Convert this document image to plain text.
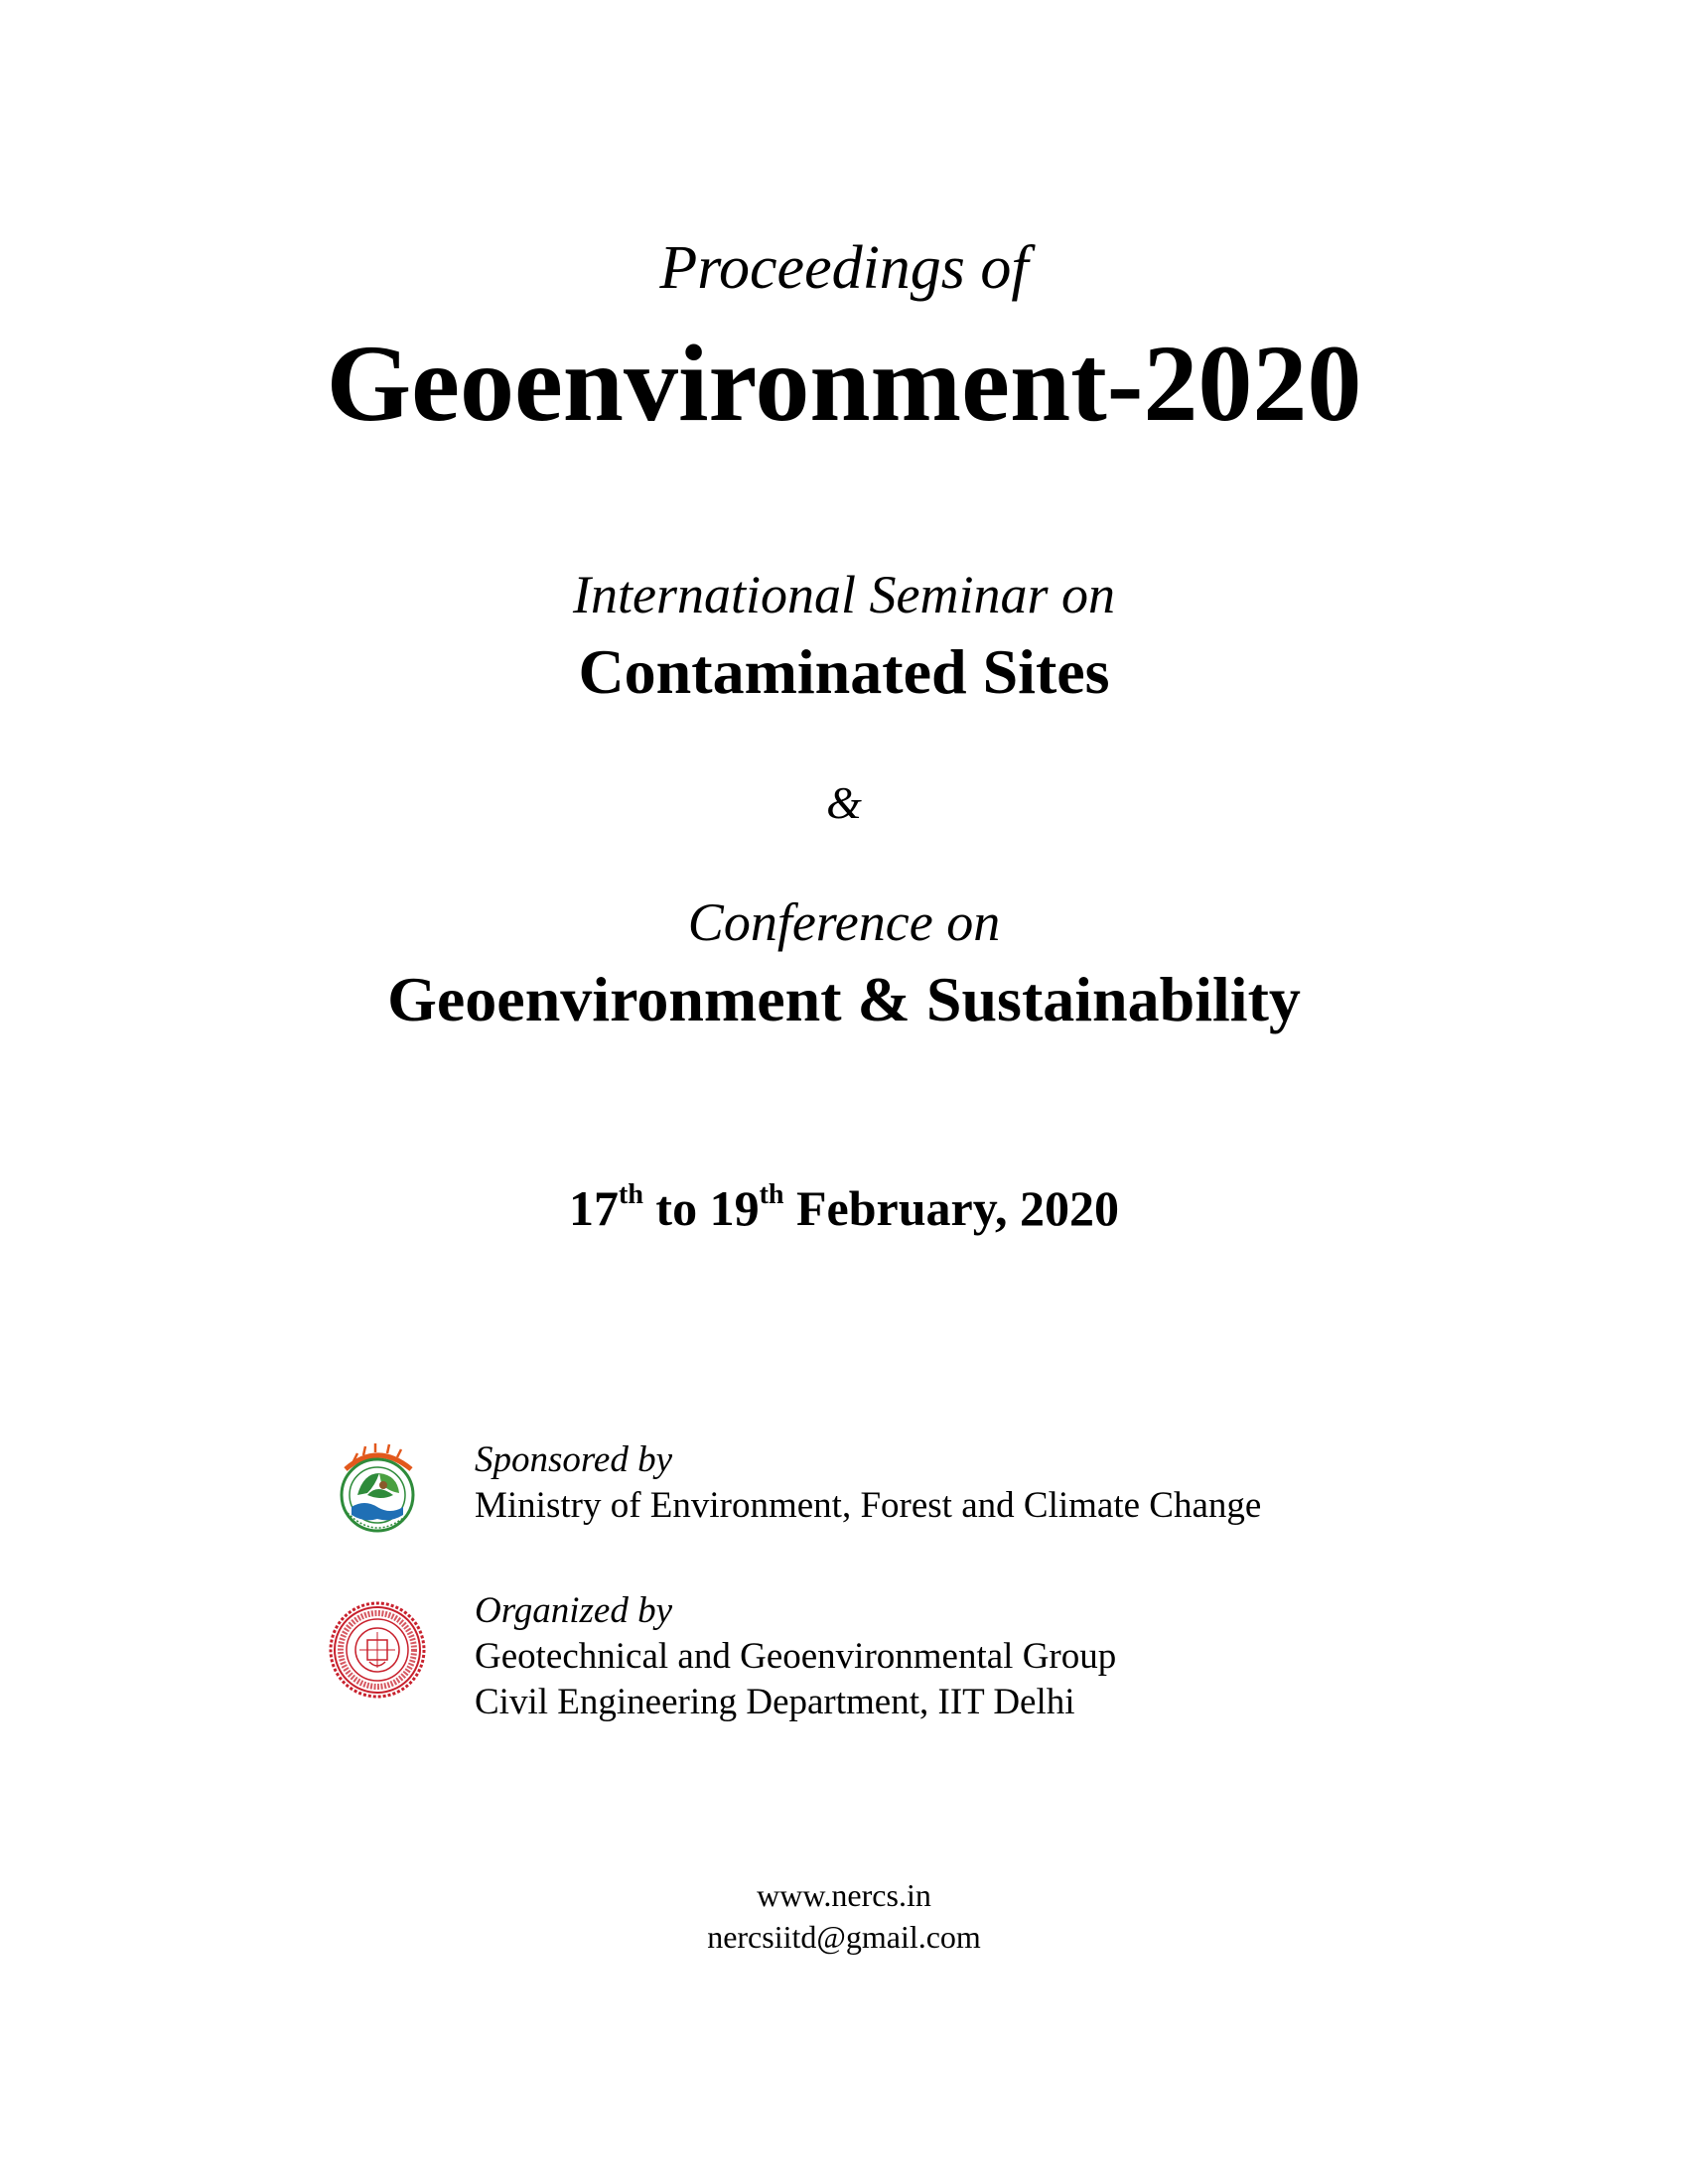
Proceedings of
Geoenvironment-2020
International Seminar on
Contaminated Sites
&
Conference on
Geoenvironment & Sustainability
17th to 19th February, 2020
Sponsored by
Ministry of Environment, Forest and Climate Change
Organized by
Geotechnical and Geoenvironmental Group
Civil Engineering Department, IIT Delhi
www.nercs.in
nercsiitd@gmail.com
